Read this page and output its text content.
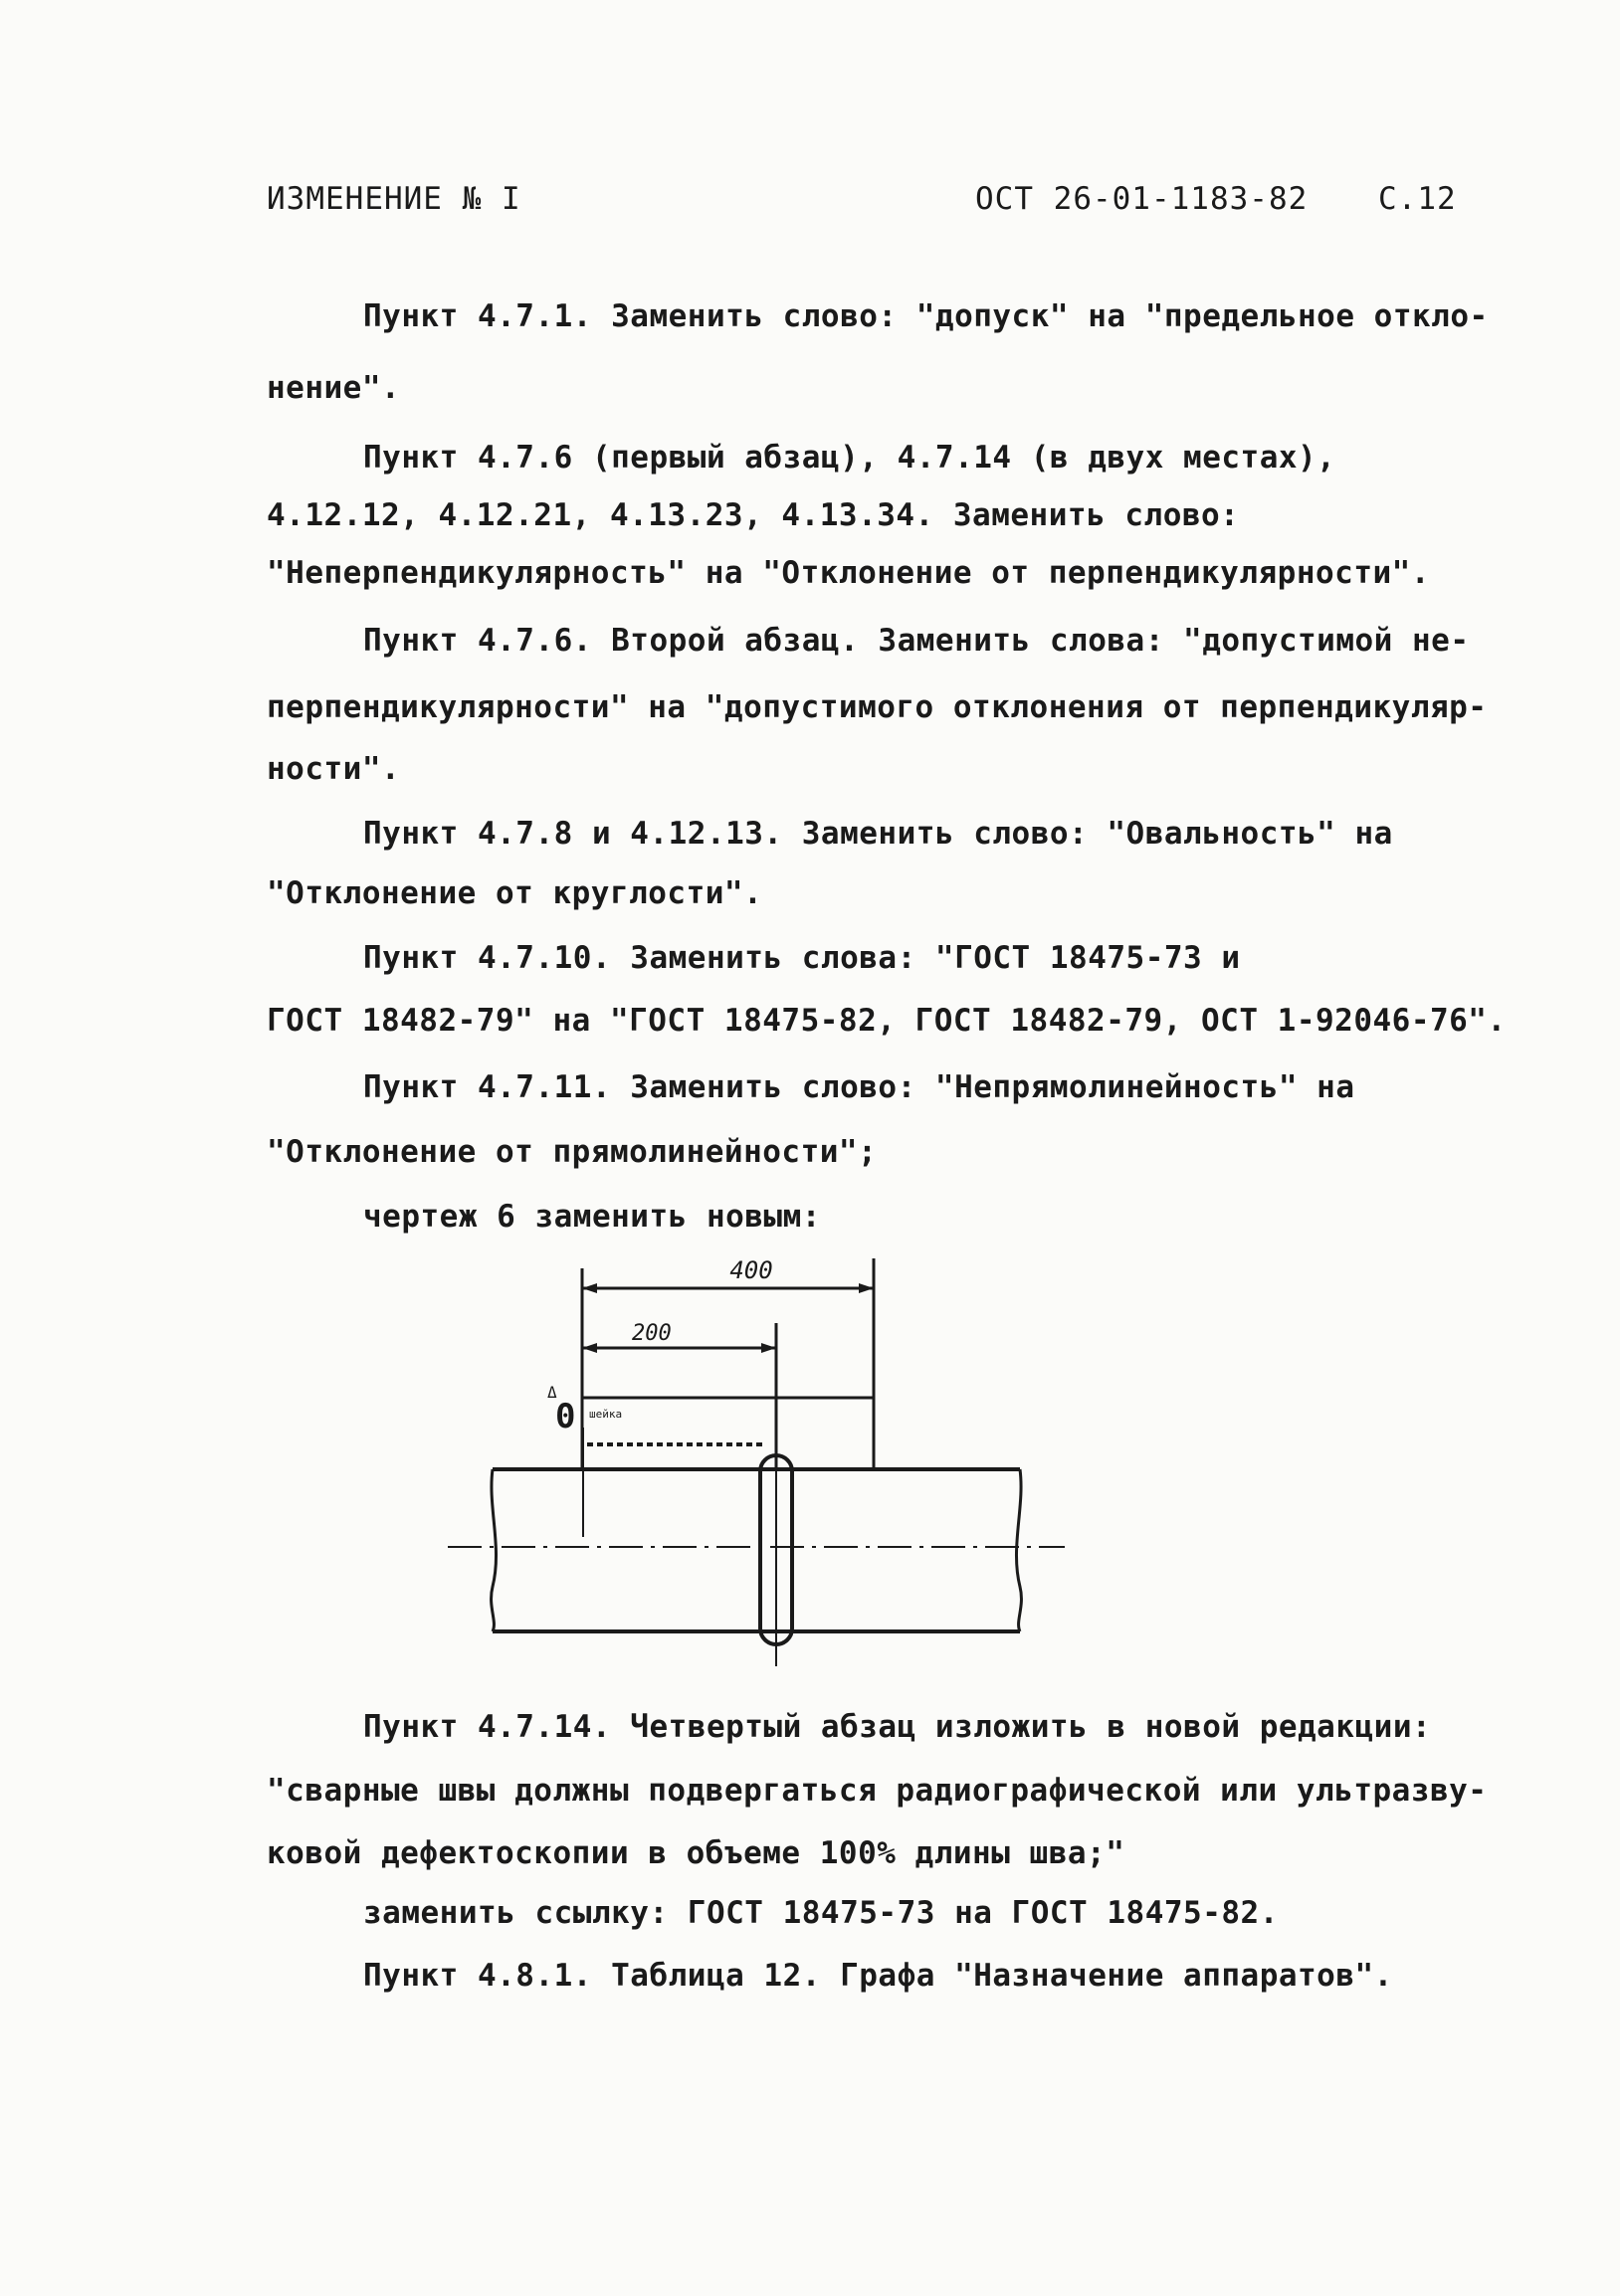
ИЗМЕНЕНИЕ № I	ОСТ 26-01-1183-82 С.12
Пункт 4.7.1. Заменить слово: "допуск" на "предельное откло-
нение".
Пункт 4.7.6 (первый абзац), 4.7.14 (в двух местах),
4.12.12, 4.12.21, 4.13.23, 4.13.34. Заменить слово:
"Неперпендикулярность" на "Отклонение от перпендикулярности".
Пункт 4.7.6. Второй абзац. Заменить слова: "допустимой не-
перпендикулярности" на "допустимого отклонения от перпендикуляр-
ности".
Пункт 4.7.8 и 4.12.13. Заменить слово: "Овальность" на
"Отклонение от круглости".
Пункт 4.7.10. Заменить слова: "ГОСТ 18475-73 и
ГОСТ 18482-79" на "ГОСТ 18475-82, ГОСТ 18482-79, ОСТ 1-92046-76".
Пункт 4.7.11. Заменить слово: "Непрямолинейность" на
"Отклонение от прямолинейности";
чертеж 6 заменить новым:
400
200
шейка
Δ
0
Пункт 4.7.14. Четвертый абзац изложить в новой редакции:
"сварные швы должны подвергаться радиографической или ультразву-
ковой дефектоскопии в объеме 100% длины шва;"
заменить ссылку: ГОСТ 18475-73 на ГОСТ 18475-82.
Пункт 4.8.1. Таблица 12. Графа "Назначение аппаратов".
